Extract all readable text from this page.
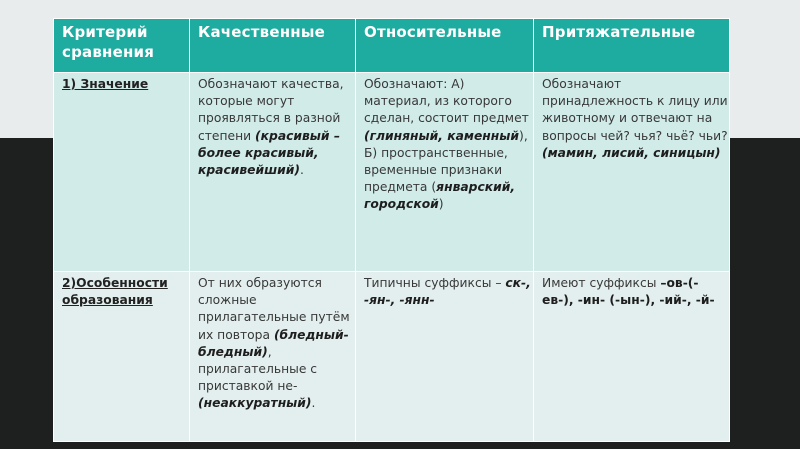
Критерий сравнения	Качественные	Относительные	Притяжательные
1) Значение	Обозначают качества, которые могут проявляться в разной степени (красивый – более красивый, красивейший).	Обозначают: А) материал, из которого сделан, состоит предмет (глиняный, каменный), Б) пространственные, временные признаки предмета (январский, городской)	Обозначают принадлежность к лицу или животному и отвечают на вопросы чей? чья? чьё? чьи? (мамин, лисий, синицын)
2)Особенности образования	От них образуются сложные прилагательные путём их повтора (бледный-бледный), прилагательные с приставкой не-(неаккуратный).	Типичны суффиксы – ск-, -ян-, -янн-	Имеют суффиксы –ов-(-ев-), -ин- (-ын-), -ий-, -й-
